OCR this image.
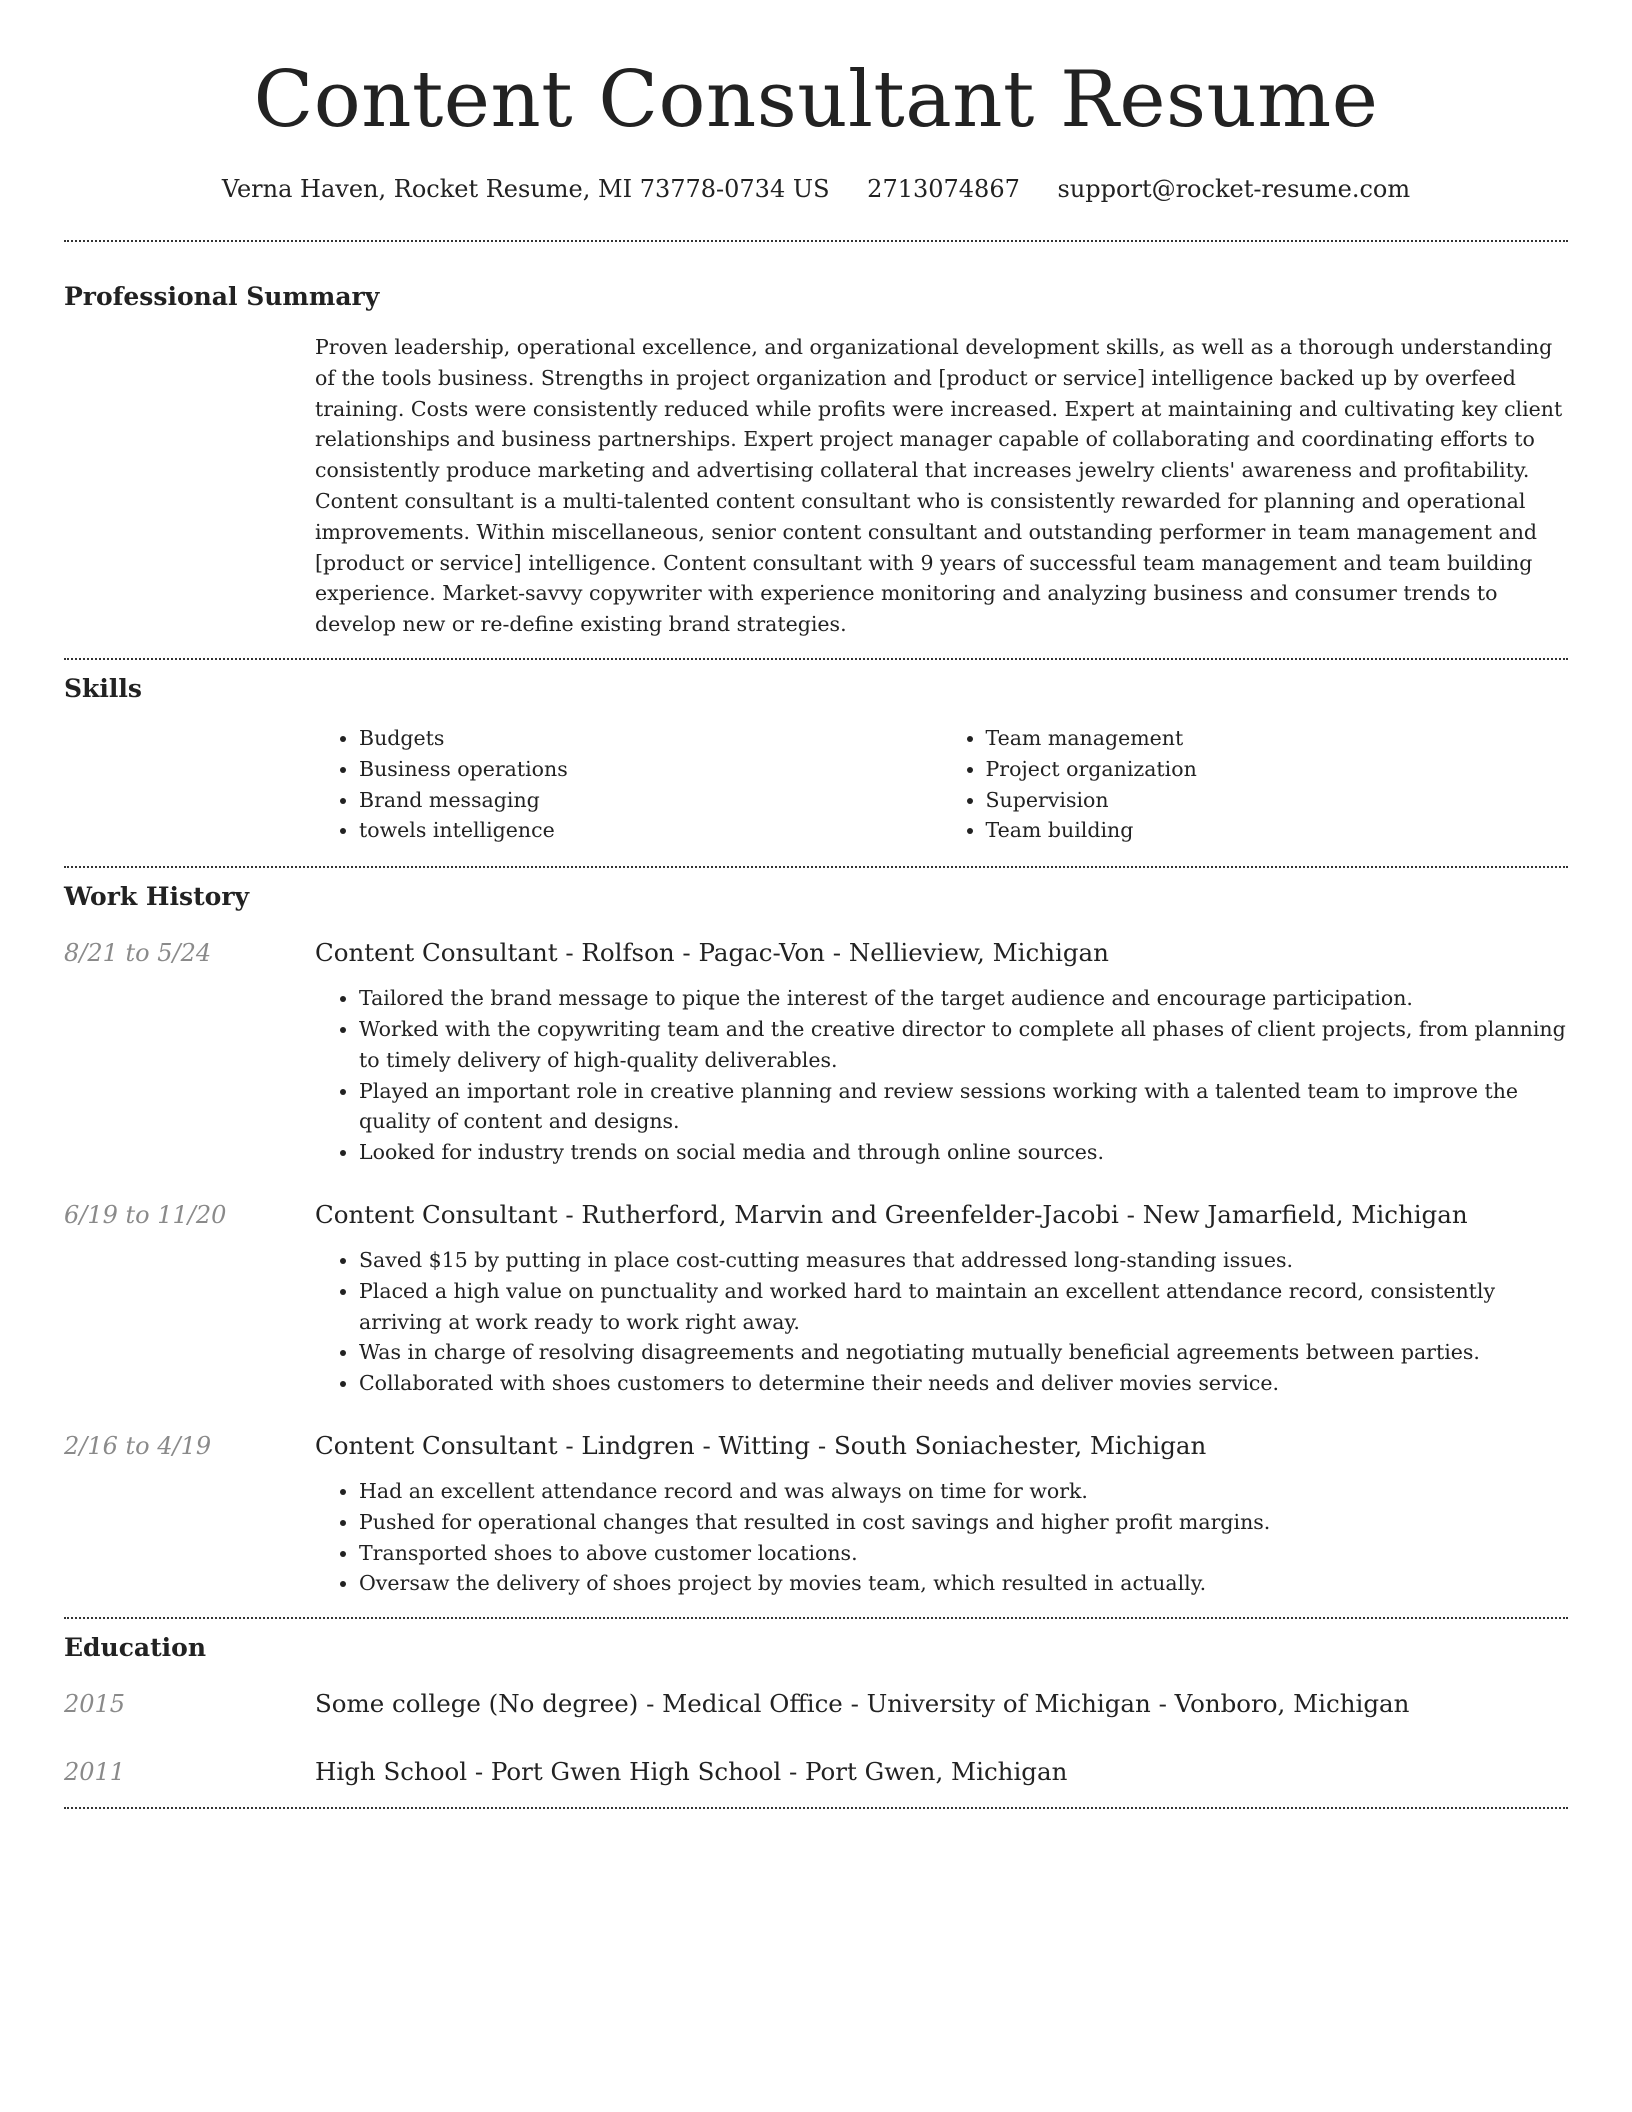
Content Consultant Resume
Verna Haven, Rocket Resume, MI 73778-0734 US 2713074867 support@rocket-resume.com
Professional Summary

Proven leadership, operational excellence, and organizational development skills, as well as a thorough understanding of the tools business. Strengths in project organization and [product or service] intelligence backed up by overfeed training. Costs were consistently reduced while profits were increased. Expert at maintaining and cultivating key client relationships and business partnerships. Expert project manager capable of collaborating and coordinating efforts to consistently produce marketing and advertising collateral that increases jewelry clients' awareness and profitability. Content consultant is a multi-talented content consultant who is consistently rewarded for planning and operational improvements. Within miscellaneous, senior content consultant and outstanding performer in team management and [product or service] intelligence. Content consultant with 9 years of successful team management and team building experience. Market-savvy copywriter with experience monitoring and analyzing business and consumer trends to develop new or re-define existing brand strategies.

Skills
• Budgets
• Business operations
• Brand messaging
• towels intelligence
• Team management
• Project organization
• Supervision
• Team building
Work History
8/21 to 5/24	Content Consultant - Rolfson - Pagac-Von - Nellieview, Michigan
• Tailored the brand message to pique the interest of the target audience and encourage participation.
• Worked with the copywriting team and the creative director to complete all phases of client projects, from planning to timely delivery of high-quality deliverables.
• Played an important role in creative planning and review sessions working with a talented team to improve the quality of content and designs.
• Looked for industry trends on social media and through online sources.
6/19 to 11/20	Content Consultant - Rutherford, Marvin and Greenfelder-Jacobi - New Jamarfield, Michigan
• Saved $15 by putting in place cost-cutting measures that addressed long-standing issues.
• Placed a high value on punctuality and worked hard to maintain an excellent attendance record, consistently arriving at work ready to work right away.
• Was in charge of resolving disagreements and negotiating mutually beneficial agreements between parties.
• Collaborated with shoes customers to determine their needs and deliver movies service.
2/16 to 4/19	Content Consultant - Lindgren - Witting - South Soniachester, Michigan
• Had an excellent attendance record and was always on time for work.
• Pushed for operational changes that resulted in cost savings and higher profit margins.
• Transported shoes to above customer locations.
• Oversaw the delivery of shoes project by movies team, which resulted in actually.
Education
2015	Some college (No degree) - Medical Office - University of Michigan - Vonboro, Michigan
2011	High School - Port Gwen High School - Port Gwen, Michigan
